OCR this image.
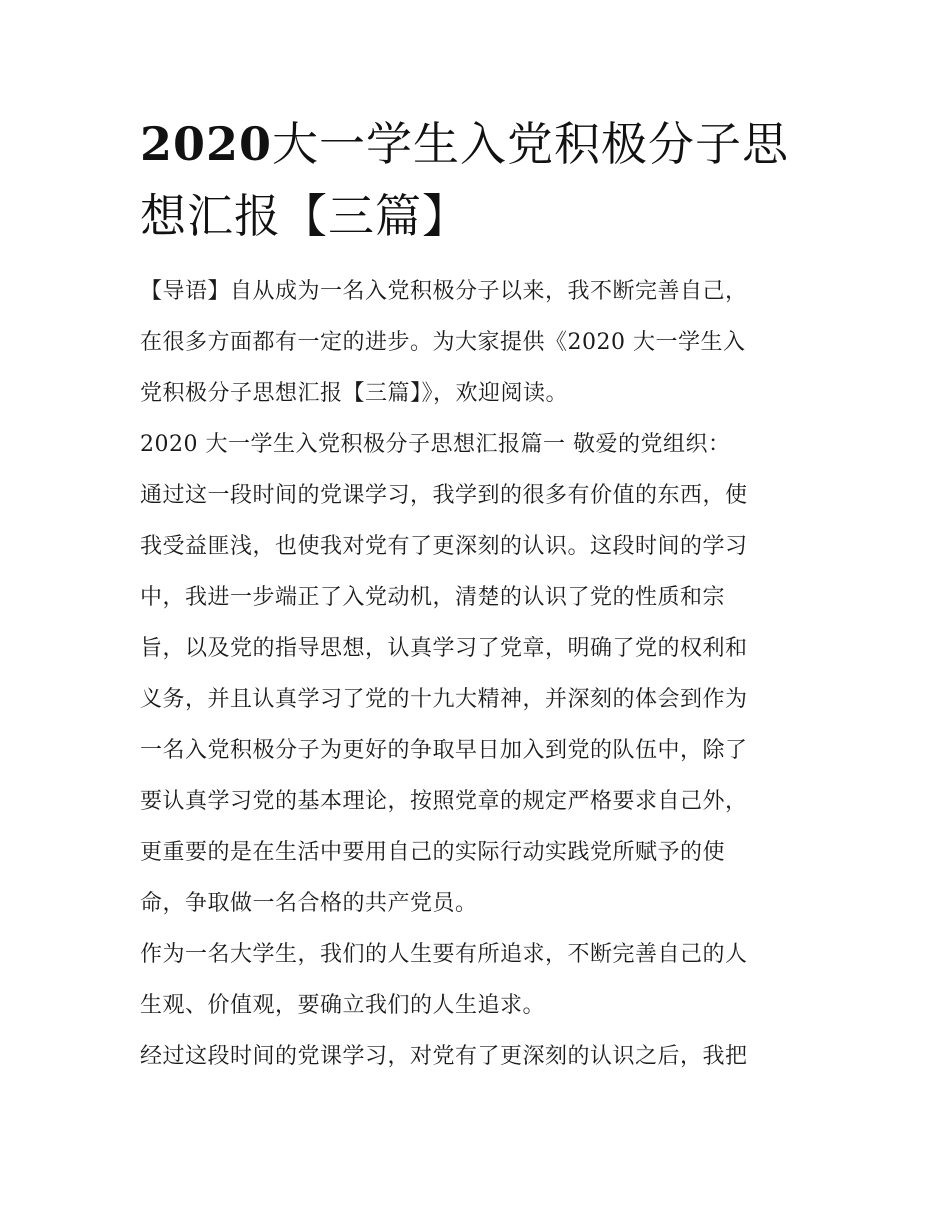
2020大一学生入党积极分子思
想汇报【三篇】

【导语】自从成为一名入党积极分子以来，我不断完善自己，
在很多方面都有一定的进步。为大家提供《2020 大一学生入
党积极分子思想汇报【三篇】》，欢迎阅读。

2020 大一学生入党积极分子思想汇报篇一 敬爱的党组织：

通过这一段时间的党课学习，我学到的很多有价值的东西，使
我受益匪浅，也使我对党有了更深刻的认识。这段时间的学习
中，我进一步端正了入党动机，清楚的认识了党的性质和宗
旨，以及党的指导思想，认真学习了党章，明确了党的权利和
义务，并且认真学习了党的十九大精神，并深刻的体会到作为
一名入党积极分子为更好的争取早日加入到党的队伍中，除了
要认真学习党的基本理论，按照党章的规定严格要求自己外，
更重要的是在生活中要用自己的实际行动实践党所赋予的使
命，争取做一名合格的共产党员。

作为一名大学生，我们的人生要有所追求，不断完善自己的人
生观、价值观，要确立我们的人生追求。

经过这段时间的党课学习，对党有了更深刻的认识之后，我把
